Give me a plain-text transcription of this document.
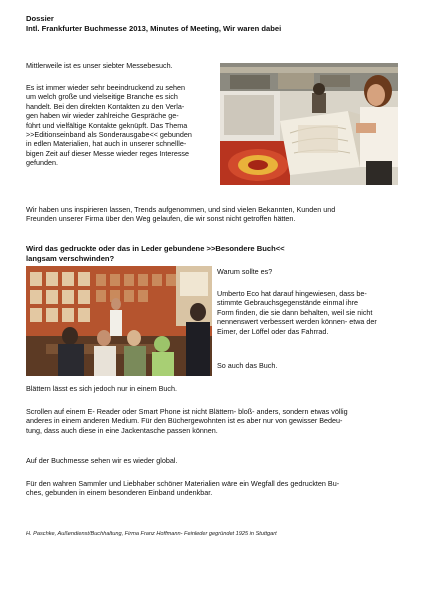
Dossier
Intl. Frankfurter Buchmesse 2013, Minutes of Meeting, Wir waren dabei
Mittlerweile ist es unser siebter Messebesuch.
Es ist immer wieder sehr beeindruckend zu sehen
um welch große und vielseitige Branche es sich
handelt. Bei den direkten Kontakten zu den Verla-
gen haben wir wieder zahlreiche Gespräche ge-
führt und vielfältige Kontakte geknüpft. Das Thema
>>Editionseinband als Sonderausgabe<< gebunden
in edlen Materialien, hat auch in unserer schnellle-
bigen Zeit auf dieser Messe wieder reges Interesse
gefunden.
Wir haben uns inspirieren lassen, Trends aufgenommen, und sind vielen Bekannten, Kunden und
Freunden unserer Firma über den Weg gelaufen, die wir sonst nicht getroffen hätten.
Wird das gedruckte oder das in Leder gebundene >>Besondere Buch<<
langsam verschwinden?
Warum sollte es?
Umberto Eco hat darauf hingewiesen, dass be-
stimmte Gebrauchsgegenstände einmal ihre
Form finden, die sie dann behalten, weil sie nicht
nennenswert verbessert werden können- etwa der
Eimer, der Löffel oder das Fahrrad.
So auch das Buch.
Blättern lässt es sich jedoch nur in einem Buch.
Scrollen auf einem E- Reader oder Smart Phone ist nicht Blättern- bloß- anders, sondern etwas völlig
anderes in einem anderen Medium. Für den Büchergewohnten ist es aber nur von gewisser Bedeu-
tung, dass auch diese in eine Jackentasche passen können.
Auf der Buchmesse sehen wir es wieder global.
Für den wahren Sammler und Liebhaber schöner Materialien wäre ein Wegfall des gedruckten Bu-
ches, gebunden in einem besonderen Einband undenkbar.
H. Paschke, Außendienst/Buchhaltung, Firma Franz Hoffmann- Feinleder gegründet 1925 in Stuttgart
